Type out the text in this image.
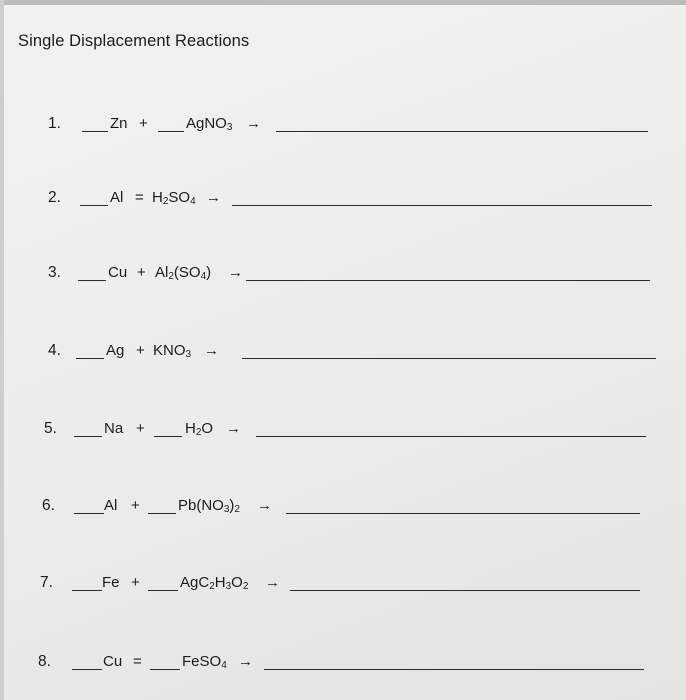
Single Displacement Reactions
1.	Zn +	AgNO$_3$ →
2.	$Al = H_2SO_4$ →
3.	$Cu + Al_2(SO_4)$ →
4.	$Ag + KNO_3$ →
5.	Na +	$H_2O$ →
6.	Al +	$Pb(NO_3)_2$ →
7.	Fe +	$AgC_2H_3O_2$ →
8.	Cu =	FeSO$_4$ →
